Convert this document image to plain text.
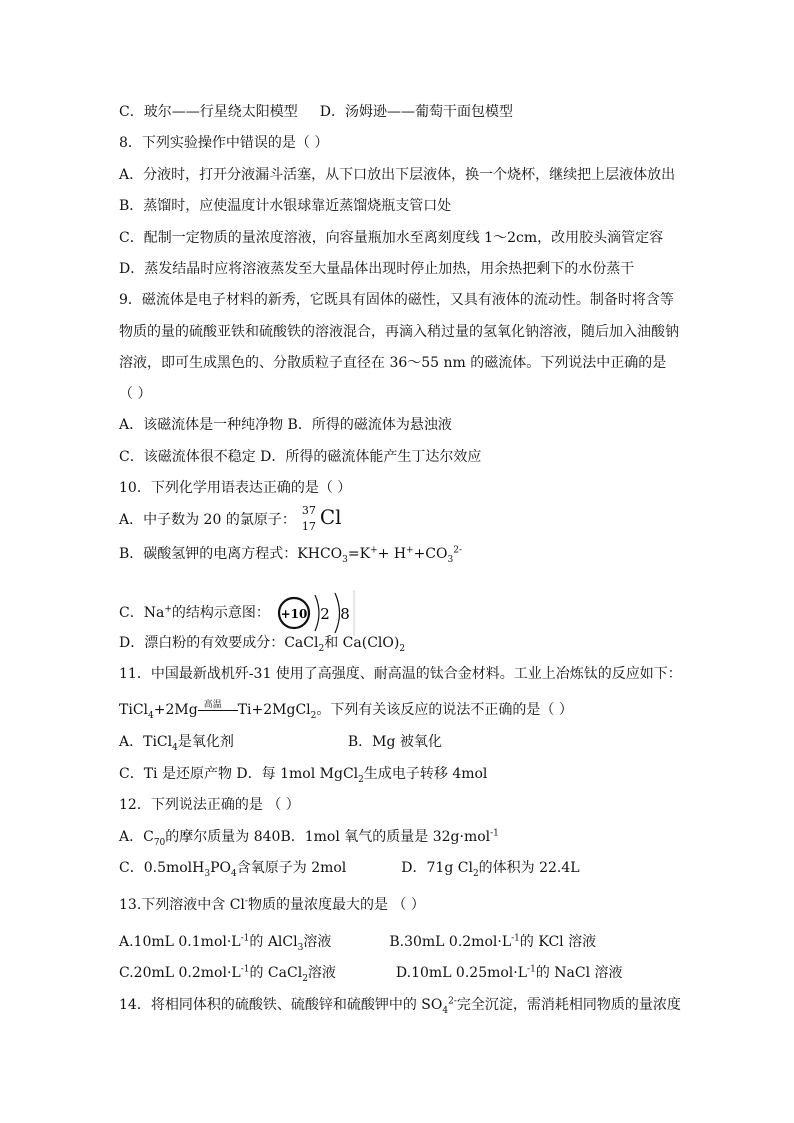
C．玻尔——行星绕太阳模型 D．汤姆逊——葡萄干面包模型
8．下列实验操作中错误的是（ ）
A．分液时，打开分液漏斗活塞，从下口放出下层液体，换一个烧杯，继续把上层液体放出
B．蒸馏时，应使温度计水银球靠近蒸馏烧瓶支管口处
C．配制一定物质的量浓度溶液，向容量瓶加水至离刻度线 1～2cm，改用胶头滴管定容
D．蒸发结晶时应将溶液蒸发至大量晶体出现时停止加热，用余热把剩下的水份蒸干
9．磁流体是电子材料的新秀，它既具有固体的磁性，又具有液体的流动性。制备时将含等
物质的量的硫酸亚铁和硫酸铁的溶液混合，再滴入稍过量的氢氧化钠溶液，随后加入油酸钠
溶液，即可生成黑色的、分散质粒子直径在 36～55 nm 的磁流体。下列说法中正确的是
（ ）
A．该磁流体是一种纯净物 B．所得的磁流体为悬浊液
C．该磁流体很不稳定 D．所得的磁流体能产生丁达尔效应
10．下列化学用语表达正确的是（ ）
A．中子数为 20 的氯原子：
37
17 Cl
B．碳酸氢钾的电离方程式：$KHCO_3=K^++ H^++CO_3^{2-}$
C．Na+的结构示意图： +10 2 8
D．漂白粉的有效要成分：CaCl$_2$和 $Ca(ClO)_2$
11．中国最新战机歼-31 使用了高强度、耐高温的钛合金材料。工业上冶炼钛的反应如下：
TiCl$_4$+2Mg 高温 Ti+2MgCl$_2$。下列有关该反应的说法不正确的是（ ）
A．TiCl$_4$是氧化剂	B．Mg 被氧化
C．Ti 是还原产物 D．每 1mol MgCl$_2$生成电子转移 4mol
12．下列说法正确的是 （ ）
A．$C_{70}$的摩尔质量为 840B．1mol 氧气的质量是 32g·mol$^{-1}$
C．$0.5molH_3PO_4$含氧原子为 2mol	D．71g $Cl_2$的体积为 22.4L
13.下列溶液中含 Cl-物质的量浓度最大的是 （ ）
A.10mL $0.1mol\cdot L^{-1}$的 AlCl$_3$溶液	B.30mL $0.2mol\cdot L^{-1}$的 KCl 溶液
C.20mL $0.2mol\cdot L^{-1}$的 CaCl$_2$溶液	D.10mL $0.25mol\cdot L^{-1}$的 NaCl 溶液
14．将相同体积的硫酸铁、硫酸锌和硫酸钾中的 $SO_4^{2-}$完全沉淀，需消耗相同物质的量浓度
